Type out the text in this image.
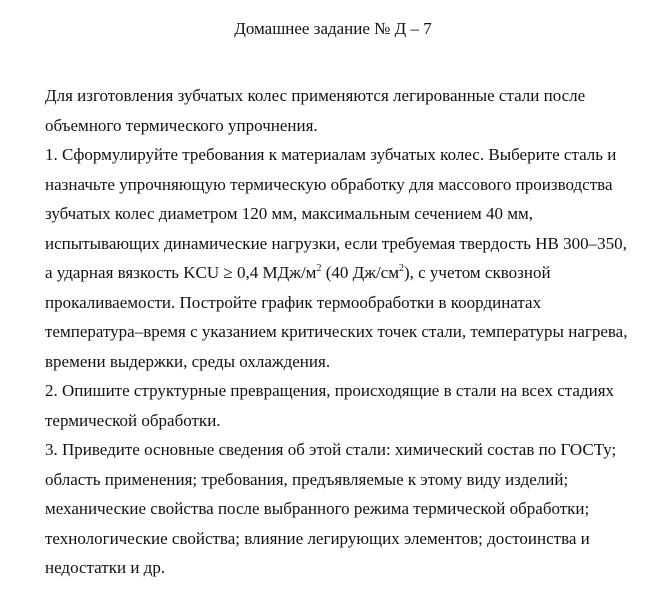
Домашнее задание № Д – 7
Для изготовления зубчатых колес применяются легированные стали после
объемного термического упрочнения.
1. Сформулируйте требования к материалам зубчатых колес. Выберите сталь и
назначьте упрочняющую термическую обработку для массового производства
зубчатых колес диаметром 120 мм, максимальным сечением 40 мм,
испытывающих динамические нагрузки, если требуемая твердость НВ 300–350,
а ударная вязкость KCU ≥ 0,4 МДж/$м^2$ (40 $Дж/см^2$), с учетом сквозной
прокаливаемости. Постройте график термообработки в координатах
температура–время с указанием критических точек стали, температуры нагрева,
времени выдержки, среды охлаждения.
2. Опишите структурные превращения, происходящие в стали на всех стадиях
термической обработки.
3. Приведите основные сведения об этой стали: химический состав по ГОСТу;
область применения; требования, предъявляемые к этому виду изделий;
механические свойства после выбранного режима термической обработки;
технологические свойства; влияние легирующих элементов; достоинства и
недостатки и др.
